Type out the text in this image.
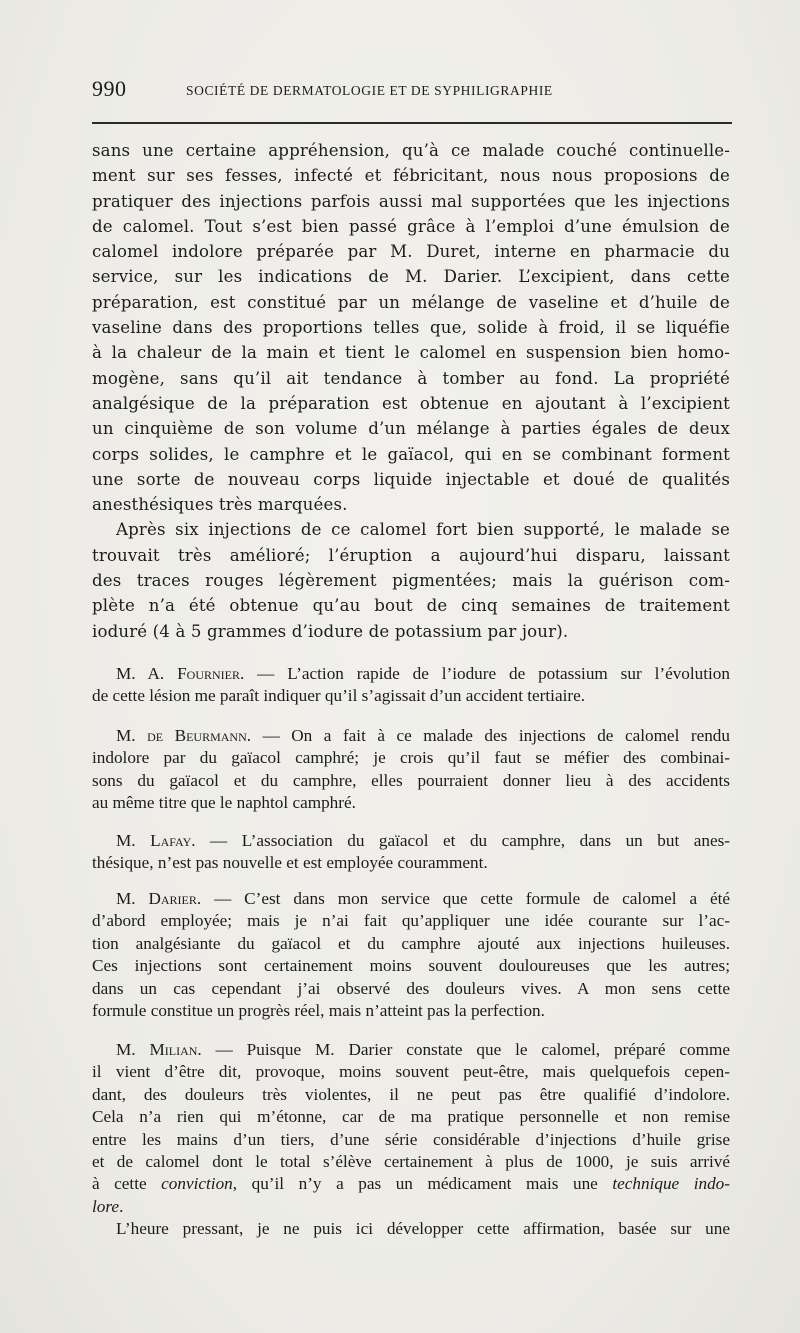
990	SOCIÉTÉ DE DERMATOLOGIE ET DE SYPHILIGRAPHIE
sans une certaine appréhension, qu’à ce malade couché continuelle-
ment sur ses fesses, infecté et fébricitant, nous nous proposions de
pratiquer des injections parfois aussi mal supportées que les injections
de calomel. Tout s’est bien passé grâce à l’emploi d’une émulsion de
calomel indolore préparée par M. Duret, interne en pharmacie du
service, sur les indications de M. Darier. L’excipient, dans cette
préparation, est constitué par un mélange de vaseline et d’huile de
vaseline dans des proportions telles que, solide à froid, il se liquéfie
à la chaleur de la main et tient le calomel en suspension bien homo-
mogène, sans qu’il ait tendance à tomber au fond. La propriété
analgésique de la préparation est obtenue en ajoutant à l’excipient
un cinquième de son volume d’un mélange à parties égales de deux
corps solides, le camphre et le gaïacol, qui en se combinant forment
une sorte de nouveau corps liquide injectable et doué de qualités
anesthésiques très marquées.
Après six injections de ce calomel fort bien supporté, le malade se
trouvait très amélioré; l’éruption a aujourd’hui disparu, laissant
des traces rouges légèrement pigmentées; mais la guérison com-
plète n’a été obtenue qu’au bout de cinq semaines de traitement
ioduré (4 à 5 grammes d’iodure de potassium par jour).
M. A. Fournier. — L’action rapide de l’iodure de potassium sur l’évolution
de cette lésion me paraît indiquer qu’il s’agissait d’un accident tertiaire.
M. de Beurmann. — On a fait à ce malade des injections de calomel rendu
indolore par du gaïacol camphré; je crois qu’il faut se méfier des combinai-
sons du gaïacol et du camphre, elles pourraient donner lieu à des accidents
au même titre que le naphtol camphré.
M. Lafay. — L’association du gaïacol et du camphre, dans un but anes-
thésique, n’est pas nouvelle et est employée couramment.
M. Darier. — C’est dans mon service que cette formule de calomel a été
d’abord employée; mais je n’ai fait qu’appliquer une idée courante sur l’ac-
tion analgésiante du gaïacol et du camphre ajouté aux injections huileuses.
Ces injections sont certainement moins souvent douloureuses que les autres;
dans un cas cependant j’ai observé des douleurs vives. A mon sens cette
formule constitue un progrès réel, mais n’atteint pas la perfection.
M. Milian. — Puisque M. Darier constate que le calomel, préparé comme
il vient d’être dit, provoque, moins souvent peut-être, mais quelquefois cepen-
dant, des douleurs très violentes, il ne peut pas être qualifié d’indolore.
Cela n’a rien qui m’étonne, car de ma pratique personnelle et non remise
entre les mains d’un tiers, d’une série considérable d’injections d’huile grise
et de calomel dont le total s’élève certainement à plus de 1000, je suis arrivé
à cette conviction, qu’il n’y a pas un médicament mais une technique indo-
lore.
L’heure pressant, je ne puis ici développer cette affirmation, basée sur une
